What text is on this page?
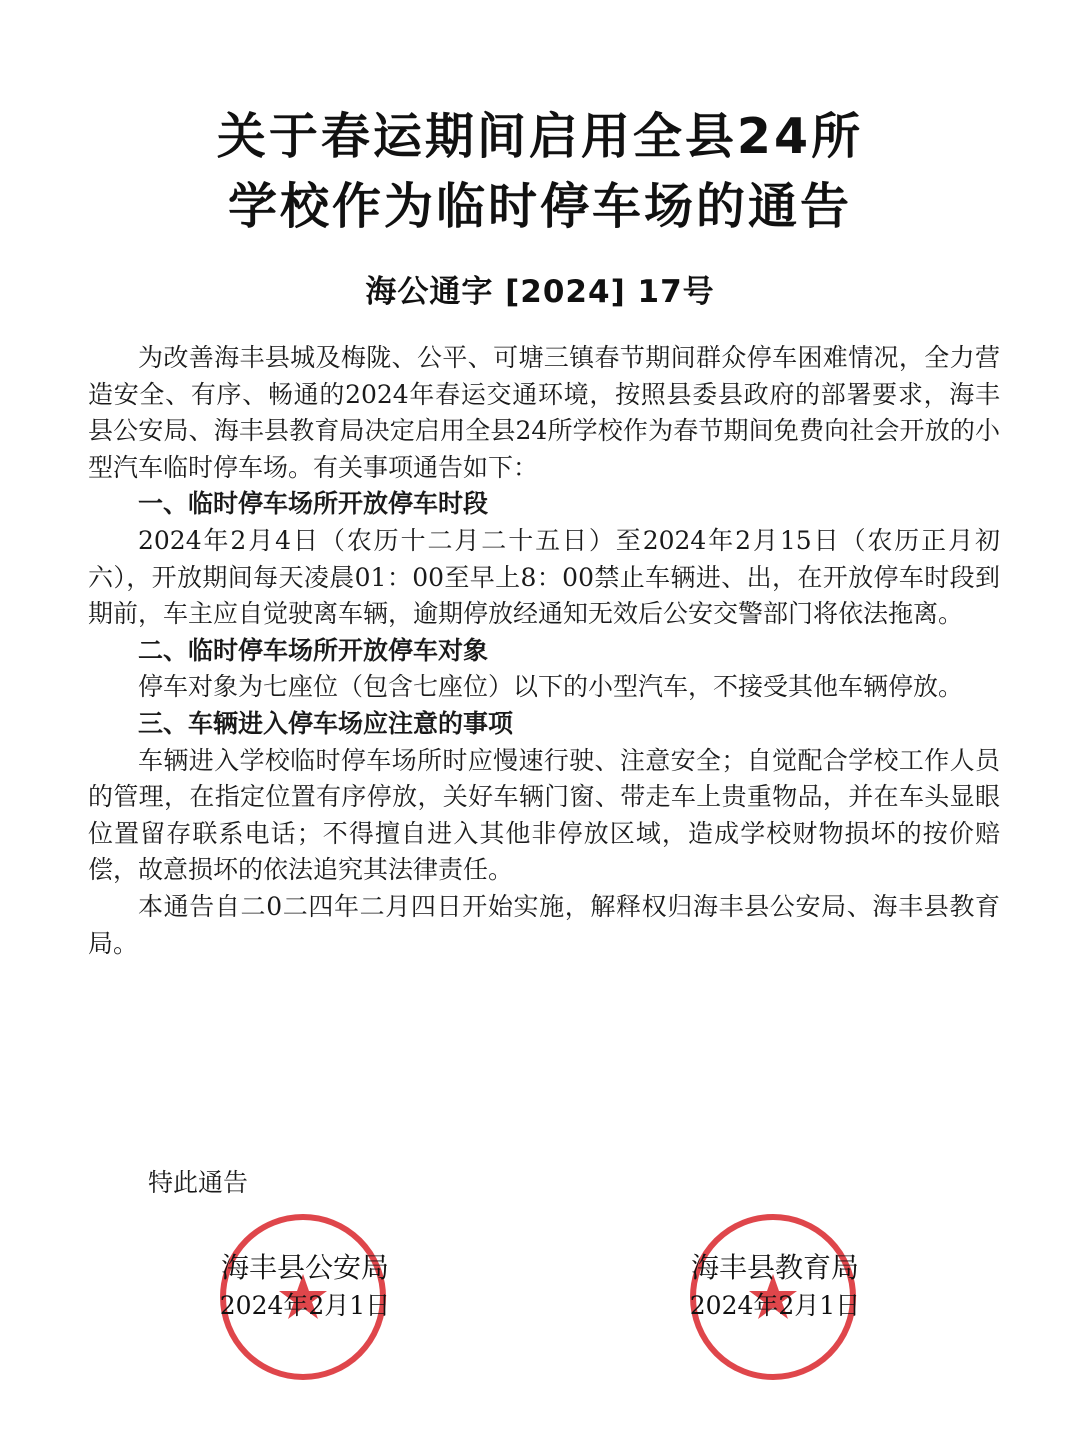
关于春运期间启用全县24所
学校作为临时停车场的通告
海公通字 [2024] 17号

为改善海丰县城及梅陇、公平、可塘三镇春节期间群众停车困难情况，全力营造安全、有序、畅通的2024年春运交通环境，按照县委县政府的部署要求，海丰县公安局、海丰县教育局决定启用全县24所学校作为春节期间免费向社会开放的小型汽车临时停车场。有关事项通告如下：

一、临时停车场所开放停车时段

2024年2月4日（农历十二月二十五日）至2024年2月15日（农历正月初六），开放期间每天凌晨01：00至早上8：00禁止车辆进、出，在开放停车时段到期前，车主应自觉驶离车辆，逾期停放经通知无效后公安交警部门将依法拖离。

二、临时停车场所开放停车对象

停车对象为七座位（包含七座位）以下的小型汽车，不接受其他车辆停放。

三、车辆进入停车场应注意的事项

车辆进入学校临时停车场所时应慢速行驶、注意安全；自觉配合学校工作人员的管理，在指定位置有序停放，关好车辆门窗、带走车上贵重物品，并在车头显眼位置留存联系电话；不得擅自进入其他非停放区域，造成学校财物损坏的按价赔偿，故意损坏的依法追究其法律责任。

本通告自二0二四年二月四日开始实施，解释权归海丰县公安局、海丰县教育局。

特此通告
海丰县公安局
2024年2月1日
海丰县教育局
2024年2月1日
